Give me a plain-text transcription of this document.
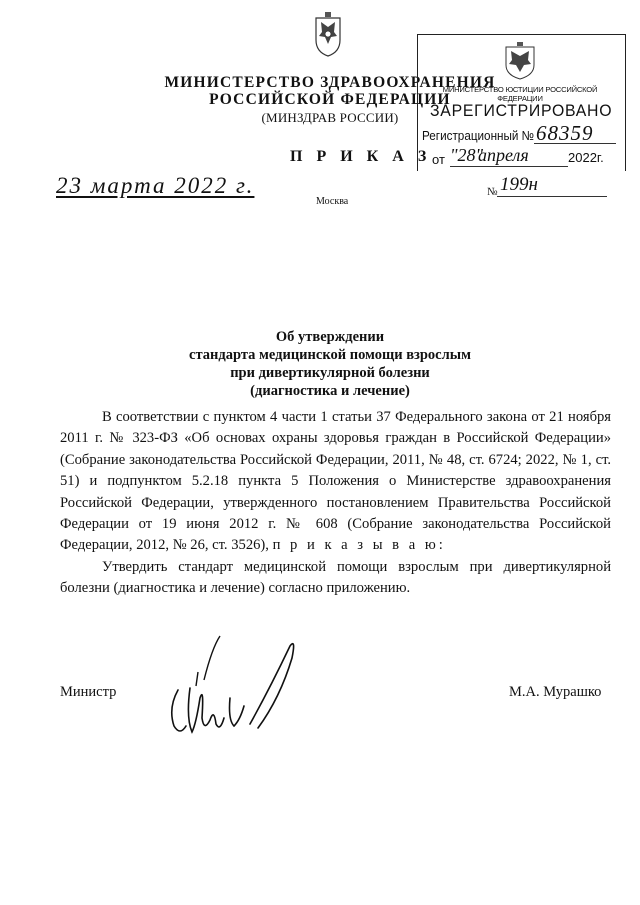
МИНИСТЕРСТВО ЗДРАВООХРАНЕНИЯ
РОССИЙСКОЙ ФЕДЕРАЦИИ
(МИНЗДРАВ РОССИИ)
МИНИСТЕРСТВО ЮСТИЦИИ РОССИЙСКОЙ ФЕДЕРАЦИИ
ЗАРЕГИСТРИРОВАНО
Регистрационный № 68359
от "28"
апреля	2022г.
П Р И К А З
23 марта 2022 г.	№ 199н
Москва
Об утверждении
стандарта медицинской помощи взрослым
при дивертикулярной болезни
(диагностика и лечение)

В соответствии с пунктом 4 части 1 статьи 37 Федерального закона от 21 ноября 2011 г. № 323-ФЗ «Об основах охраны здоровья граждан в Российской Федерации» (Собрание законодательства Российской Федерации, 2011, № 48, ст. 6724; 2022, № 1, ст. 51) и подпунктом 5.2.18 пункта 5 Положения о Министерстве здравоохранения Российской Федерации, утвержденного постановлением Правительства Российской Федерации от 19 июня 2012 г. № 608 (Собрание законодательства Российской Федерации, 2012, № 26, ст. 3526), п р и к а з ы в а ю:

Утвердить стандарт медицинской помощи взрослым при дивертикулярной болезни (диагностика и лечение) согласно приложению.

Министр	М.А. Мурашко
